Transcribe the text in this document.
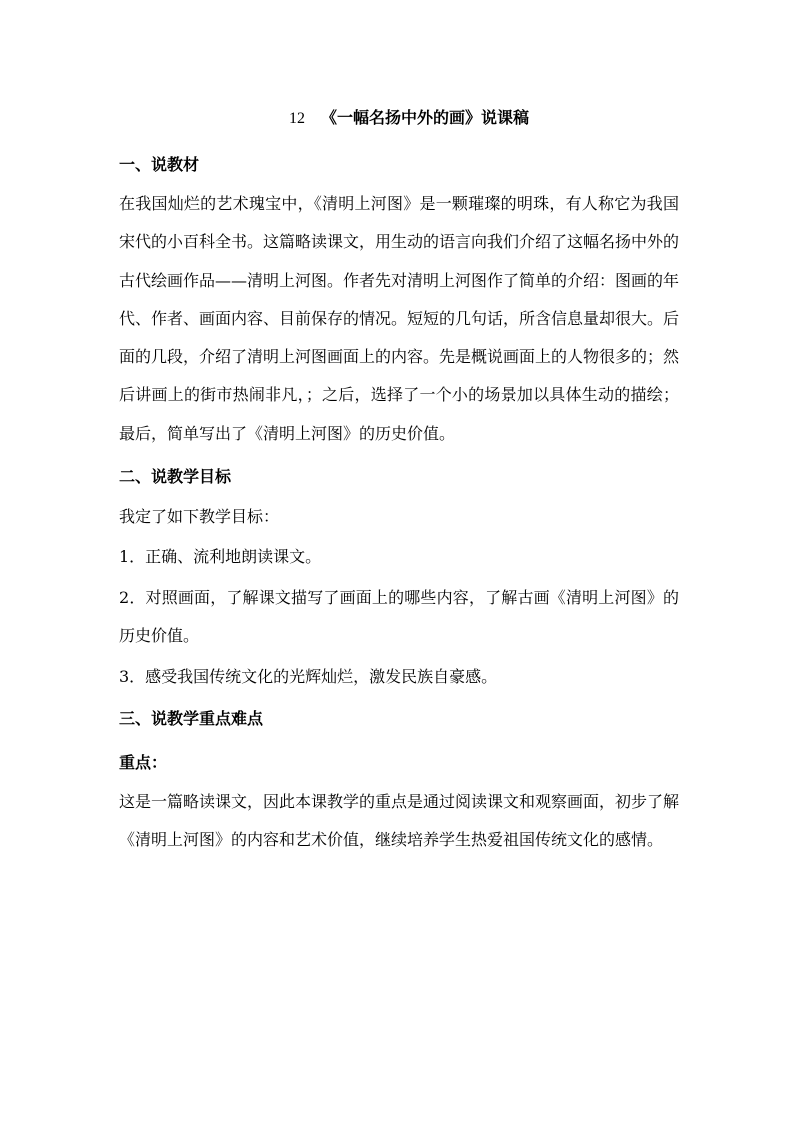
12 《一幅名扬中外的画》说课稿
一、说教材

在我国灿烂的艺术瑰宝中，《清明上河图》是一颗璀璨的明珠，有人称它为我国宋代的小百科全书。这篇略读课文，用生动的语言向我们介绍了这幅名扬中外的古代绘画作品——清明上河图。作者先对清明上河图作了简单的介绍：图画的年代、作者、画面内容、目前保存的情况。短短的几句话，所含信息量却很大。后面的几段，介绍了清明上河图画面上的内容。先是概说画面上的人物很多的；然后讲画上的街市热闹非凡，；之后，选择了一个小的场景加以具体生动的描绘；最后，简单写出了《清明上河图》的历史价值。

二、说教学目标
我定了如下教学目标：
1．正确、流利地朗读课文。

2．对照画面，了解课文描写了画面上的哪些内容，了解古画《清明上河图》的历史价值。

3．感受我国传统文化的光辉灿烂，激发民族自豪感。
三、说教学重点难点
重点：

这是一篇略读课文，因此本课教学的重点是通过阅读课文和观察画面，初步了解《清明上河图》的内容和艺术价值，继续培养学生热爱祖国传统文化的感情。
